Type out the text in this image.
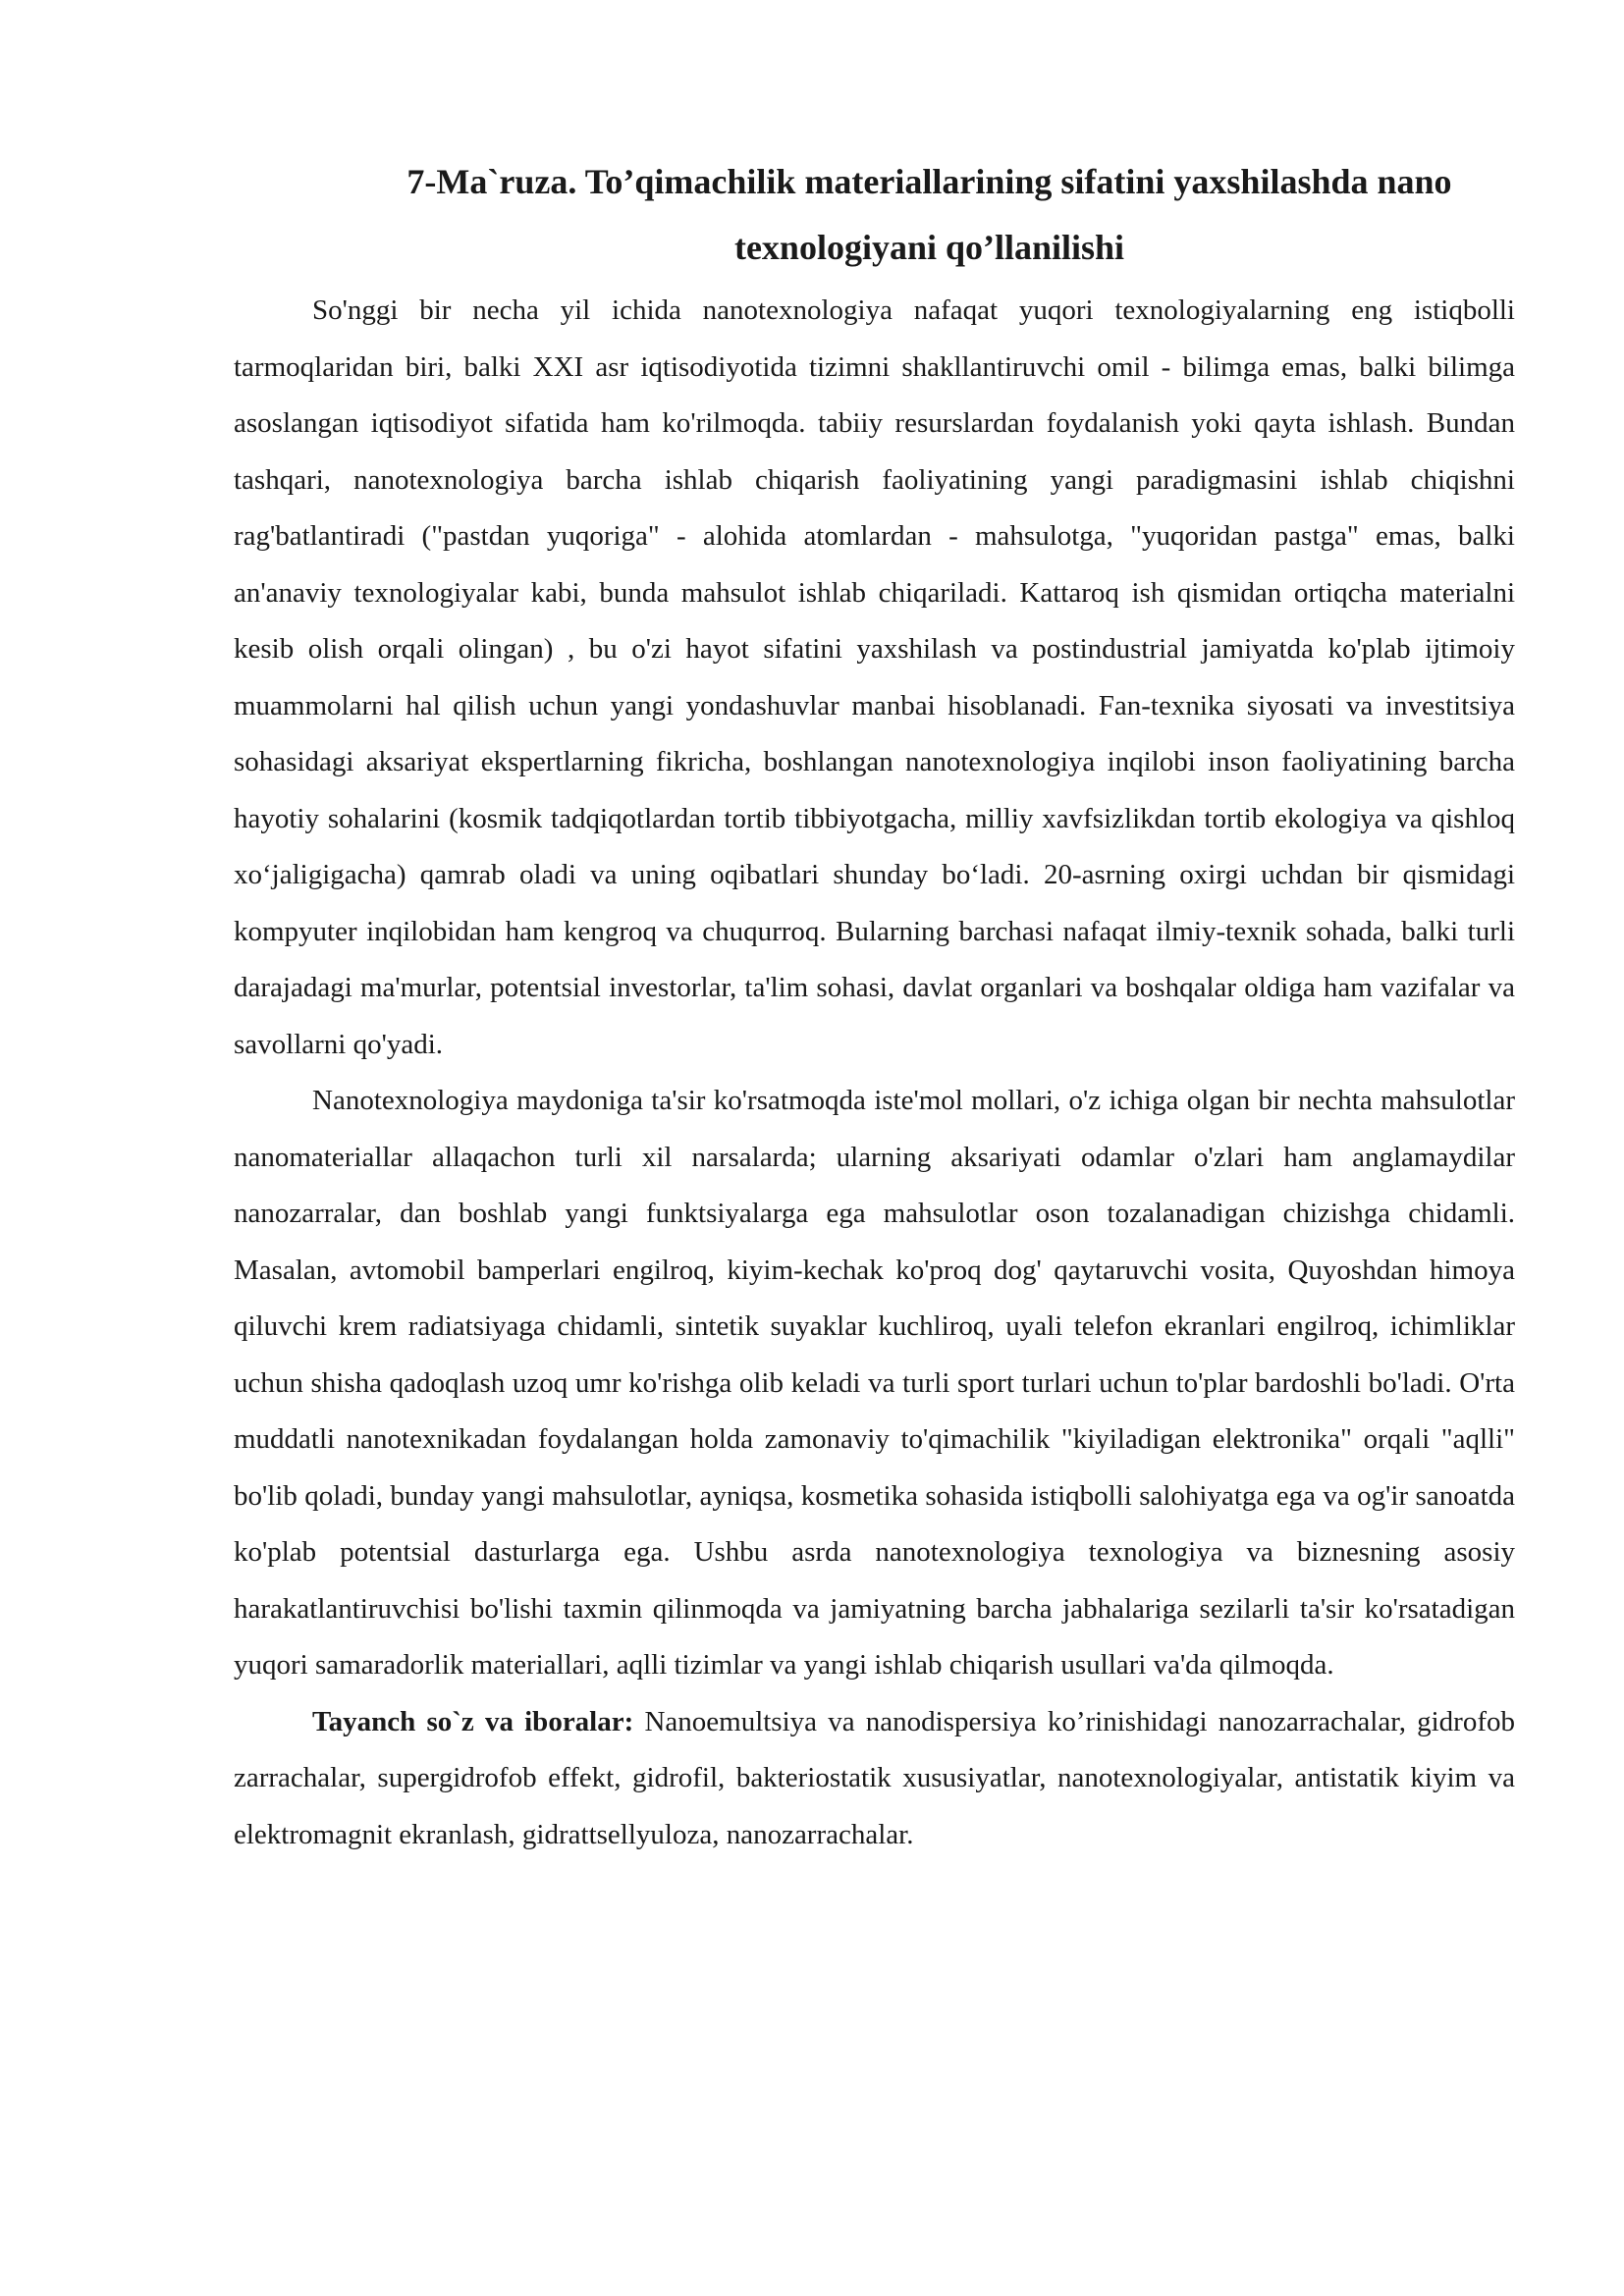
7-Ma`ruza. To’qimachilik materiallarining sifatini yaxshilashda nano
texnologiyani qo’llanilishi

So'nggi bir necha yil ichida nanotexnologiya nafaqat yuqori texnologiyalarning eng istiqbolli tarmoqlaridan biri, balki XXI asr iqtisodiyotida tizimni shakllantiruvchi omil - bilimga emas, balki bilimga asoslangan iqtisodiyot sifatida ham ko'rilmoqda. tabiiy resurslardan foydalanish yoki qayta ishlash. Bundan tashqari, nanotexnologiya barcha ishlab chiqarish faoliyatining yangi paradigmasini ishlab chiqishni rag'batlantiradi ("pastdan yuqoriga" - alohida atomlardan - mahsulotga, "yuqoridan pastga" emas, balki an'anaviy texnologiyalar kabi, bunda mahsulot ishlab chiqariladi. Kattaroq ish qismidan ortiqcha materialni kesib olish orqali olingan) , bu o'zi hayot sifatini yaxshilash va postindustrial jamiyatda ko'plab ijtimoiy muammolarni hal qilish uchun yangi yondashuvlar manbai hisoblanadi. Fan-texnika siyosati va investitsiya sohasidagi aksariyat ekspertlarning fikricha, boshlangan nanotexnologiya inqilobi inson faoliyatining barcha hayotiy sohalarini (kosmik tadqiqotlardan tortib tibbiyotgacha, milliy xavfsizlikdan tortib ekologiya va qishloq xo‘jaligigacha) qamrab oladi va uning oqibatlari shunday bo‘ladi. 20-asrning oxirgi uchdan bir qismidagi kompyuter inqilobidan ham kengroq va chuqurroq. Bularning barchasi nafaqat ilmiy-texnik sohada, balki turli darajadagi ma'murlar, potentsial investorlar, ta'lim sohasi, davlat organlari va boshqalar oldiga ham vazifalar va savollarni qo'yadi.

Nanotexnologiya maydoniga ta'sir ko'rsatmoqda iste'mol mollari, o'z ichiga olgan bir nechta mahsulotlar nanomateriallar allaqachon turli xil narsalarda; ularning aksariyati odamlar o'zlari ham anglamaydilar nanozarralar, dan boshlab yangi funktsiyalarga ega mahsulotlar oson tozalanadigan chizishga chidamli. Masalan, avtomobil bamperlari engilroq, kiyim-kechak ko'proq dog' qaytaruvchi vosita, Quyoshdan himoya qiluvchi krem radiatsiyaga chidamli, sintetik suyaklar kuchliroq, uyali telefon ekranlari engilroq, ichimliklar uchun shisha qadoqlash uzoq umr ko'rishga olib keladi va turli sport turlari uchun to'plar bardoshli bo'ladi. O'rta muddatli nanotexnikadan foydalangan holda zamonaviy to'qimachilik "kiyiladigan elektronika" orqali "aqlli" bo'lib qoladi, bunday yangi mahsulotlar, ayniqsa, kosmetika sohasida istiqbolli salohiyatga ega va og'ir sanoatda ko'plab potentsial dasturlarga ega. Ushbu asrda nanotexnologiya texnologiya va biznesning asosiy harakatlantiruvchisi bo'lishi taxmin qilinmoqda va jamiyatning barcha jabhalariga sezilarli ta'sir ko'rsatadigan yuqori samaradorlik materiallari, aqlli tizimlar va yangi ishlab chiqarish usullari va'da qilmoqda.

Tayanch so`z va iboralar: Nanoemultsiya va nanodispersiya ko’rinishidagi nanozarrachalar, gidrofob zarrachalar, supergidrofob effekt, gidrofil, bakteriostatik xususiyatlar, nanotexnologiyalar, antistatik kiyim va elektromagnit ekranlash, gidrattsellyuloza, nanozarrachalar.
